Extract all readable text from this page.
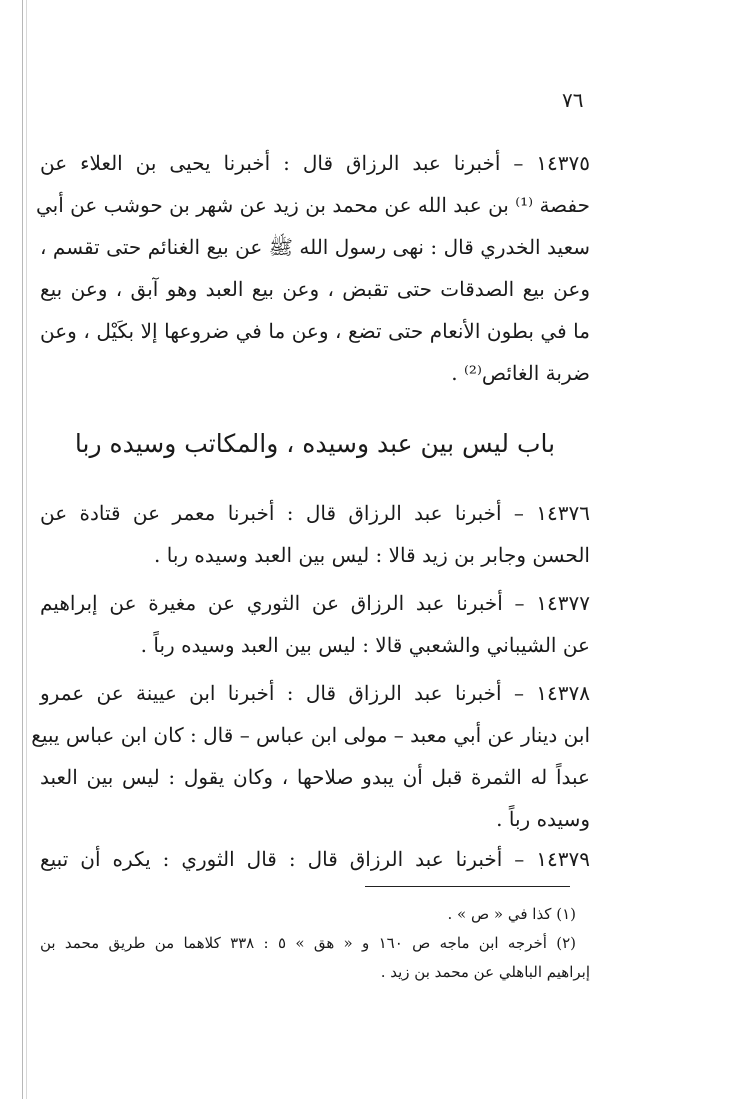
٧٦
١٤٣٧٥ – أخبرنا عبد الرزاق قال : أخبرنا يحيى بن العلاء عن
حفصة ⁽¹⁾ بن عبد الله عن محمد بن زيد عن شهر بن حوشب عن أبي
سعيد الخدري قال : نهى رسول الله ﷺ عن بيع الغنائم حتى تقسم ،
وعن بيع الصدقات حتى تقبض ، وعن بيع العبد وهو آبق ، وعن بيع
ما في بطون الأنعام حتى تضع ، وعن ما في ضروعها إلا بكَيْل ، وعن
ضربة الغائص⁽²⁾ .
باب ليس بين عبد وسيده ، والمكاتب وسيده ربا
١٤٣٧٦ – أخبرنا عبد الرزاق قال : أخبرنا معمر عن قتادة عن
الحسن وجابر بن زيد قالا : ليس بين العبد وسيده ربا .
١٤٣٧٧ – أخبرنا عبد الرزاق عن الثوري عن مغيرة عن إبراهيم
عن الشيباني والشعبي قالا : ليس بين العبد وسيده رباً .
١٤٣٧٨ – أخبرنا عبد الرزاق قال : أخبرنا ابن عيينة عن عمرو
ابن دينار عن أبي معبد – مولى ابن عباس – قال : كان ابن عباس يبيع
عبداً له الثمرة قبل أن يبدو صلاحها ، وكان يقول : ليس بين العبد
وسيده رباً .
١٤٣٧٩ – أخبرنا عبد الرزاق قال : قال الثوري : يكره أن تبيع
(١) كذا في « ص » .
(٢) أخرجه ابن ماجه ص ١٦٠ و « هق » ٥ : ٣٣٨ كلاهما من طريق محمد بن
إبراهيم الباهلي عن محمد بن زيد .
